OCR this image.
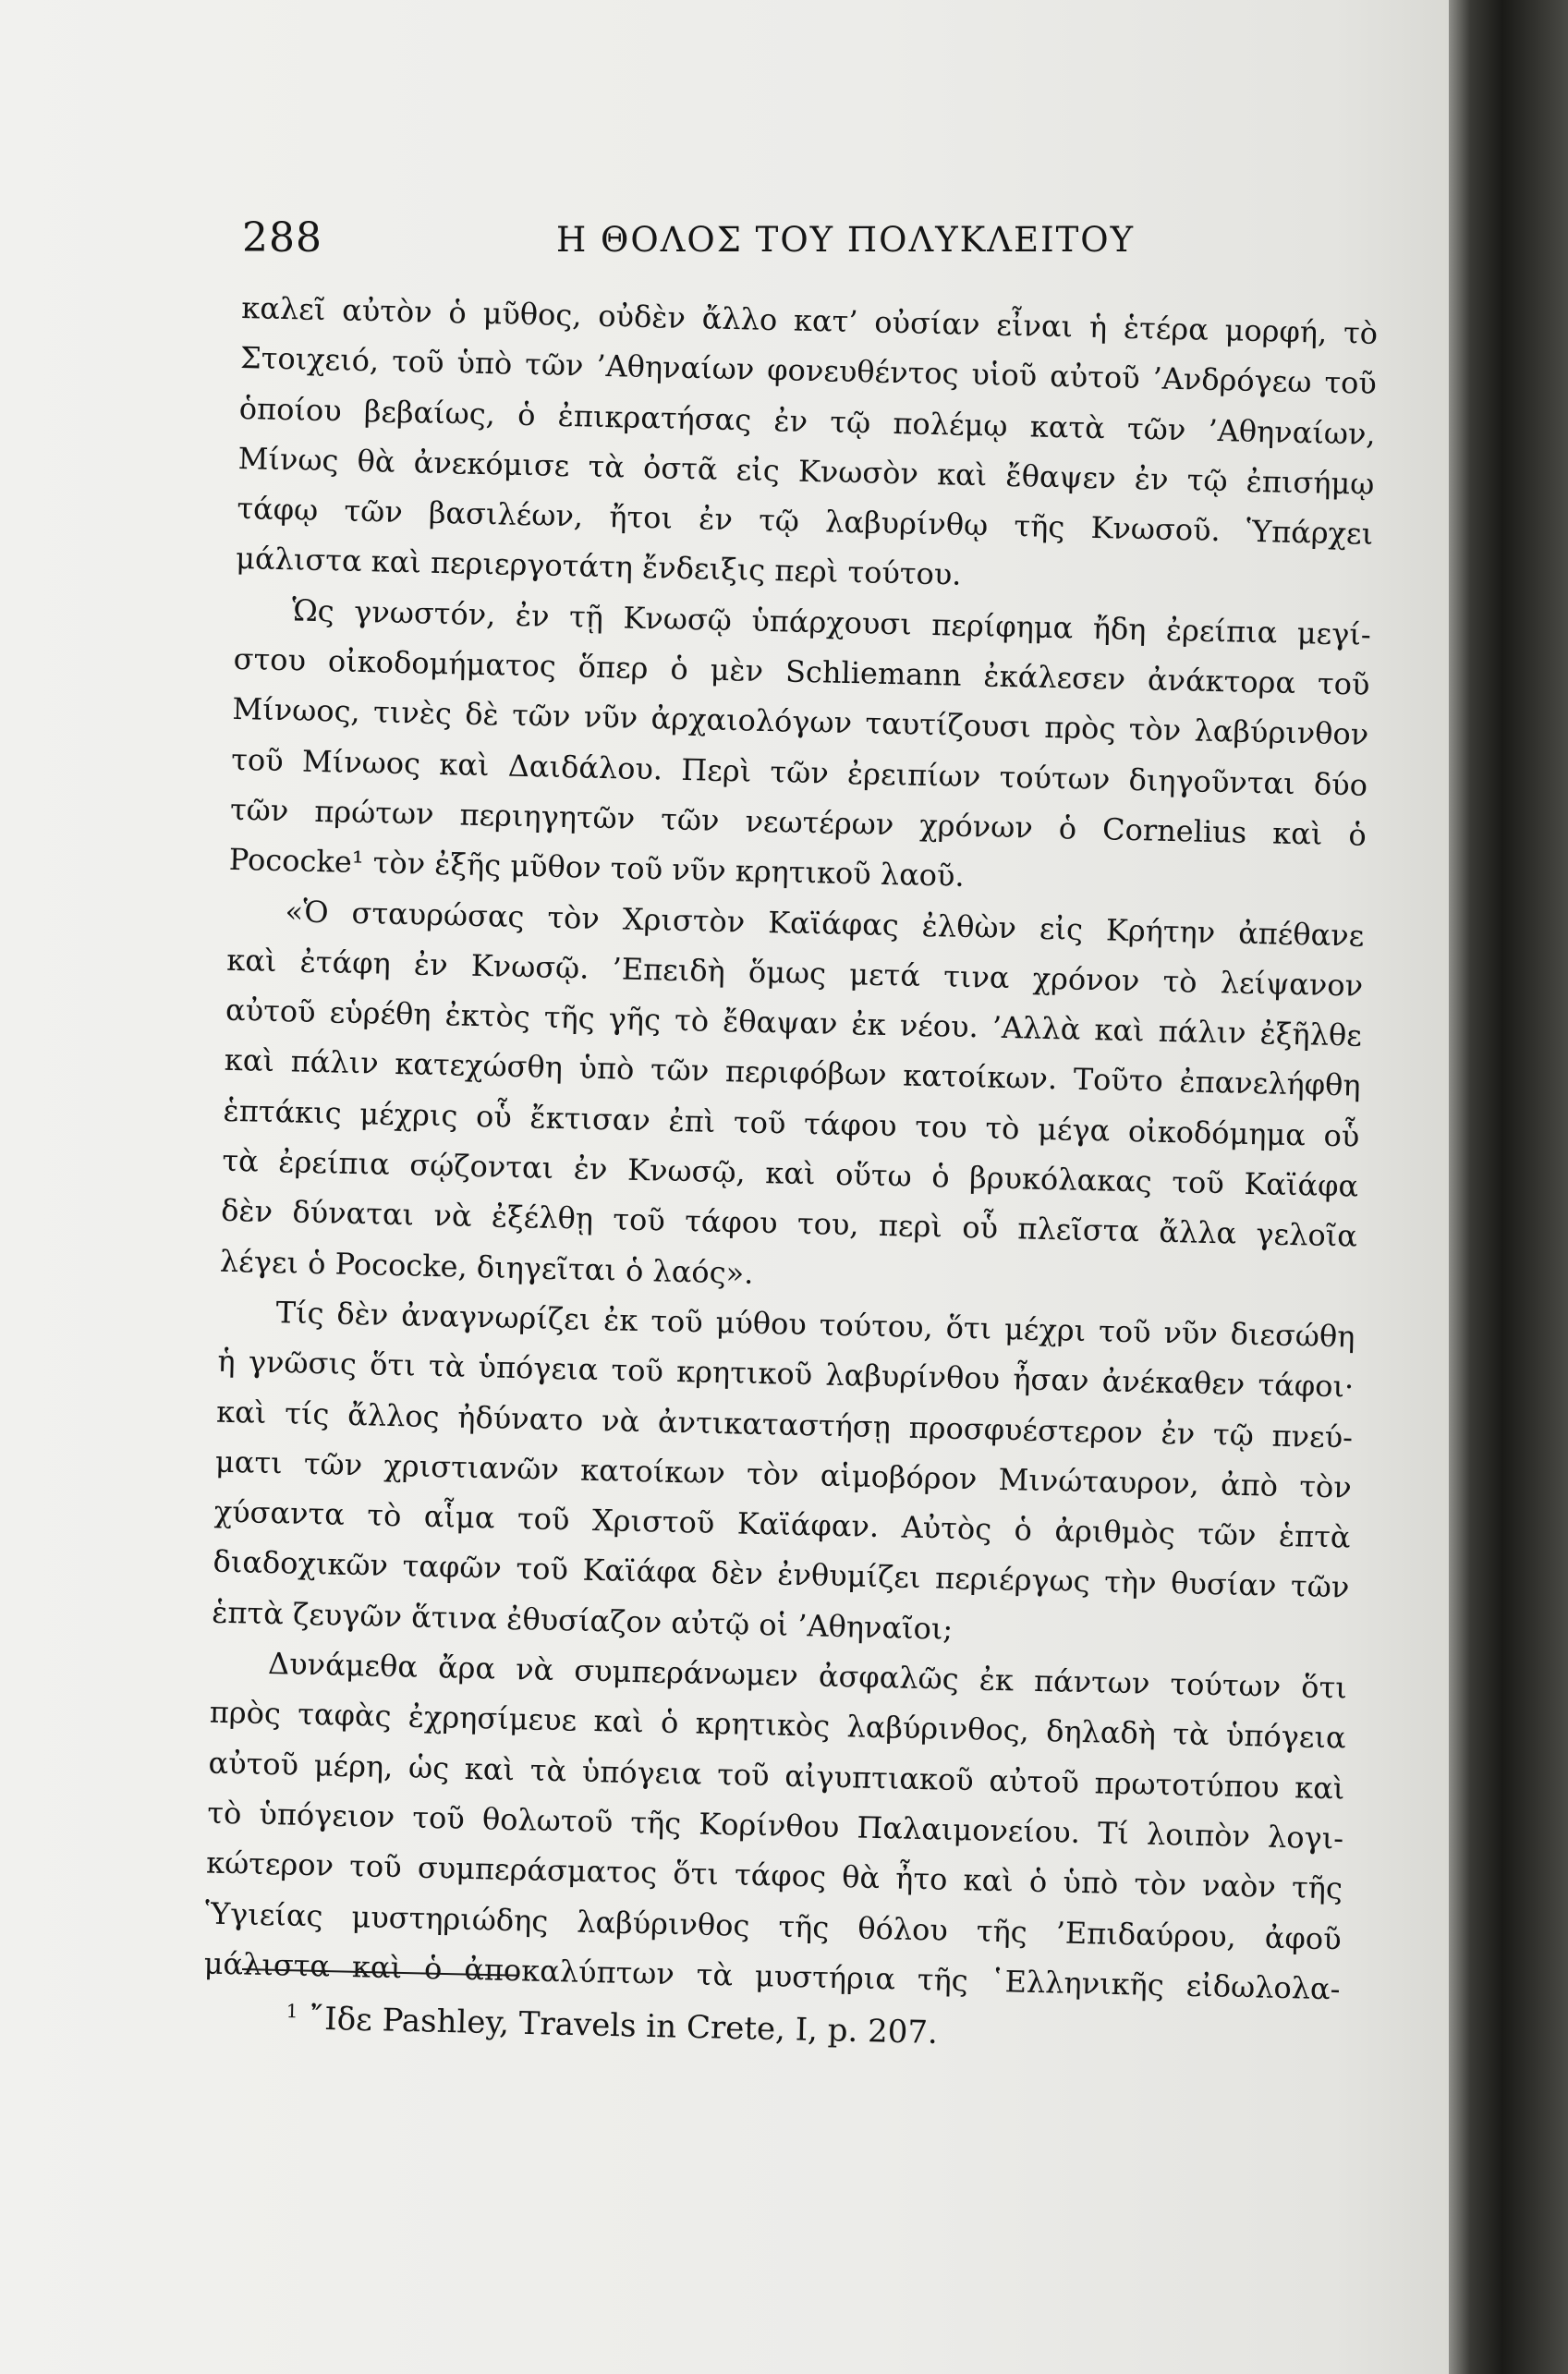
288	Η ΘΟΛΟΣ ΤΟΥ ΠΟΛΥΚΛΕΙΤΟΥ
καλεῖ αὐτὸν ὁ μῦθος, οὐδὲν ἄλλο κατ’ οὐσίαν εἶναι ἡ ἑτέρα μορφή, τὸ
Στοιχειό, τοῦ ὑπὸ τῶν ’Αθηναίων φονευθέντος υἱοῦ αὐτοῦ ’Ανδρόγεω τοῦ
ὁποίου βεβαίως, ὁ ἐπικρατήσας ἐν τῷ πολέμῳ κατὰ τῶν ’Αθηναίων,
Μίνως θὰ ἀνεκόμισε τὰ ὀστᾶ εἰς Κνωσὸν καὶ ἔθαψεν ἐν τῷ ἐπισήμῳ
τάφῳ τῶν βασιλέων, ἤτοι ἐν τῷ λαβυρίνθῳ τῆς Κνωσοῦ. Ὑπάρχει
μάλιστα καὶ περιεργοτάτη ἔνδειξις περὶ τούτου.
Ὡς γνωστόν, ἐν τῇ Κνωσῷ ὑπάρχουσι περίφημα ἤδη ἐρείπια μεγί-
στου οἰκοδομήματος ὅπερ ὁ μὲν Schliemann ἐκάλεσεν ἀνάκτορα τοῦ
Μίνωος, τινὲς δὲ τῶν νῦν ἀρχαιολόγων ταυτίζουσι πρὸς τὸν λαβύρινθον
τοῦ Μίνωος καὶ Δαιδάλου. Περὶ τῶν ἐρειπίων τούτων διηγοῦνται δύο
τῶν πρώτων περιηγητῶν τῶν νεωτέρων χρόνων ὁ Cornelius καὶ ὁ
Pococke¹ τὸν ἐξῆς μῦθον τοῦ νῦν κρητικοῦ λαοῦ.
«Ὁ σταυρώσας τὸν Χριστὸν Καϊάφας ἐλθὼν εἰς Κρήτην ἀπέθανε
καὶ ἐτάφη ἐν Κνωσῷ. ’Επειδὴ ὅμως μετά τινα χρόνον τὸ λείψανον
αὐτοῦ εὑρέθη ἐκτὸς τῆς γῆς τὸ ἔθαψαν ἐκ νέου. ’Αλλὰ καὶ πάλιν ἐξῆλθε
καὶ πάλιν κατεχώσθη ὑπὸ τῶν περιφόβων κατοίκων. Τοῦτο ἐπανελήφθη
ἑπτάκις μέχρις οὗ ἔκτισαν ἐπὶ τοῦ τάφου του τὸ μέγα οἰκοδόμημα οὗ
τὰ ἐρείπια σῴζονται ἐν Κνωσῷ, καὶ οὕτω ὁ βρυκόλακας τοῦ Καϊάφα
δὲν δύναται νὰ ἐξέλθῃ τοῦ τάφου του, περὶ οὗ πλεῖστα ἄλλα γελοῖα
λέγει ὁ Pococke, διηγεῖται ὁ λαός».
Τίς δὲν ἀναγνωρίζει ἐκ τοῦ μύθου τούτου, ὅτι μέχρι τοῦ νῦν διεσώθη
ἡ γνῶσις ὅτι τὰ ὑπόγεια τοῦ κρητικοῦ λαβυρίνθου ἦσαν ἀνέκαθεν τάφοι·
καὶ τίς ἄλλος ἠδύνατο νὰ ἀντικαταστήσῃ προσφυέστερον ἐν τῷ πνεύ-
ματι τῶν χριστιανῶν κατοίκων τὸν αἱμοβόρον Μινώταυρον, ἀπὸ τὸν
χύσαντα τὸ αἷμα τοῦ Χριστοῦ Καϊάφαν. Αὐτὸς ὁ ἀριθμὸς τῶν ἑπτὰ
διαδοχικῶν ταφῶν τοῦ Καϊάφα δὲν ἐνθυμίζει περιέργως τὴν θυσίαν τῶν
ἑπτὰ ζευγῶν ἅτινα ἐθυσίαζον αὐτῷ οἱ ’Αθηναῖοι;
Δυνάμεθα ἄρα νὰ συμπεράνωμεν ἀσφαλῶς ἐκ πάντων τούτων ὅτι
πρὸς ταφὰς ἐχρησίμευε καὶ ὁ κρητικὸς λαβύρινθος, δηλαδὴ τὰ ὑπόγεια
αὐτοῦ μέρη, ὡς καὶ τὰ ὑπόγεια τοῦ αἰγυπτιακοῦ αὐτοῦ πρωτοτύπου καὶ
τὸ ὑπόγειον τοῦ θολωτοῦ τῆς Κορίνθου Παλαιμονείου. Τί λοιπὸν λογι-
κώτερον τοῦ συμπεράσματος ὅτι τάφος θὰ ἦτο καὶ ὁ ὑπὸ τὸν ναὸν τῆς
Ὑγιείας μυστηριώδης λαβύρινθος τῆς θόλου τῆς ’Επιδαύρου, ἀφοῦ
μάλιστα καὶ ὁ ἀποκαλύπτων τὰ μυστήρια τῆς ῾Ελληνικῆς εἰδωλολα-
$^1$ ῎Ιδε Pashley, Travels in Crete, I, p. 207.
